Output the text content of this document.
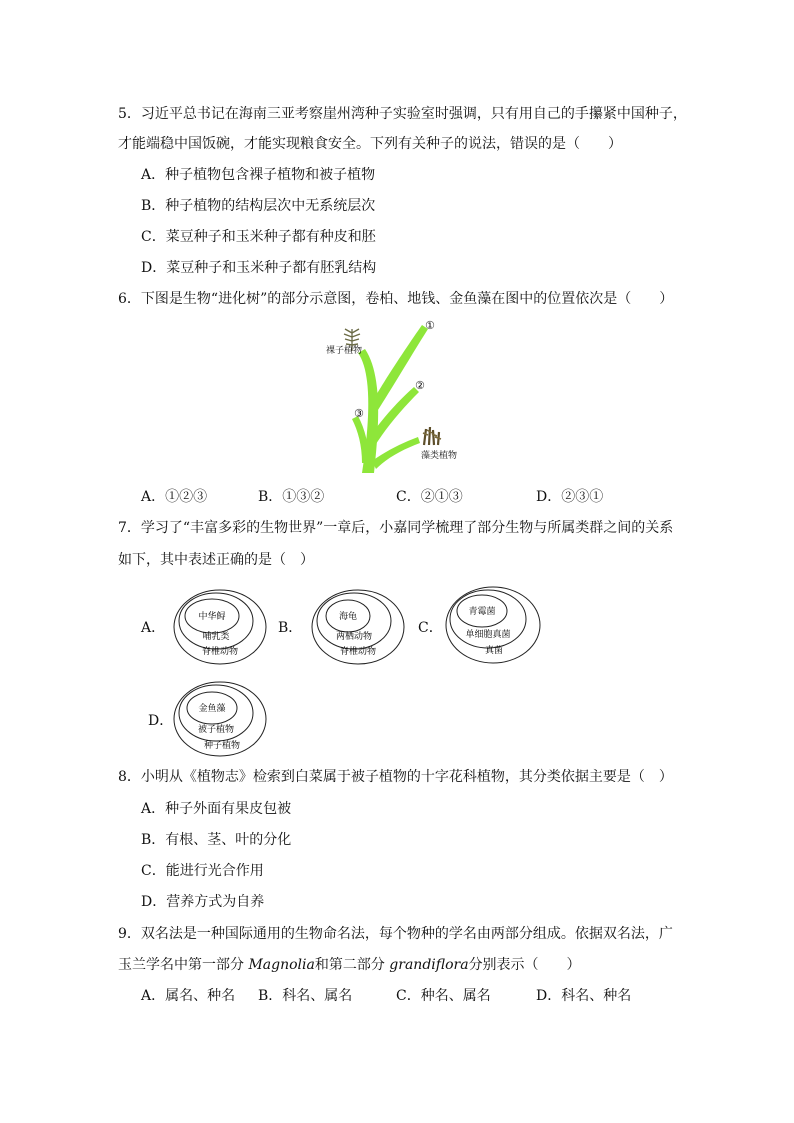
5．习近平总书记在海南三亚考察崖州湾种子实验室时强调，只有用自己的手攥紧中国种子，
才能端稳中国饭碗，才能实现粮食安全。下列有关种子的说法，错误的是（　　）
A．种子植物包含裸子植物和被子植物
B．种子植物的结构层次中无系统层次
C．菜豆种子和玉米种子都有种皮和胚
D．菜豆种子和玉米种子都有胚乳结构
6．下图是生物“进化树”的部分示意图，卷柏、地钱、金鱼藻在图中的位置依次是（　　）
裸子植物
藻类植物
①
②
③
A．①②③	B．①③②	C．②①③	D．②③①
7．学习了“丰富多彩的生物世界”一章后，小嘉同学梳理了部分生物与所属类群之间的关系
如下，其中表述正确的是（　）
A．	B．	C．
D．
中华鲟
哺乳类
脊椎动物
海龟
两栖动物
脊椎动物
青霉菌
单细胞真菌
真菌
金鱼藻
被子植物
种子植物
8．小明从《植物志》检索到白菜属于被子植物的十字花科植物，其分类依据主要是（　）
A．种子外面有果皮包被
B．有根、茎、叶的分化
C．能进行光合作用
D．营养方式为自养
9．双名法是一种国际通用的生物命名法，每个物种的学名由两部分组成。依据双名法，广
玉兰学名中第一部分 Magnolia和第二部分 grandiflora分别表示（　　）
A．属名、种名 B．科名、属名	C．种名、属名	D．科名、种名
